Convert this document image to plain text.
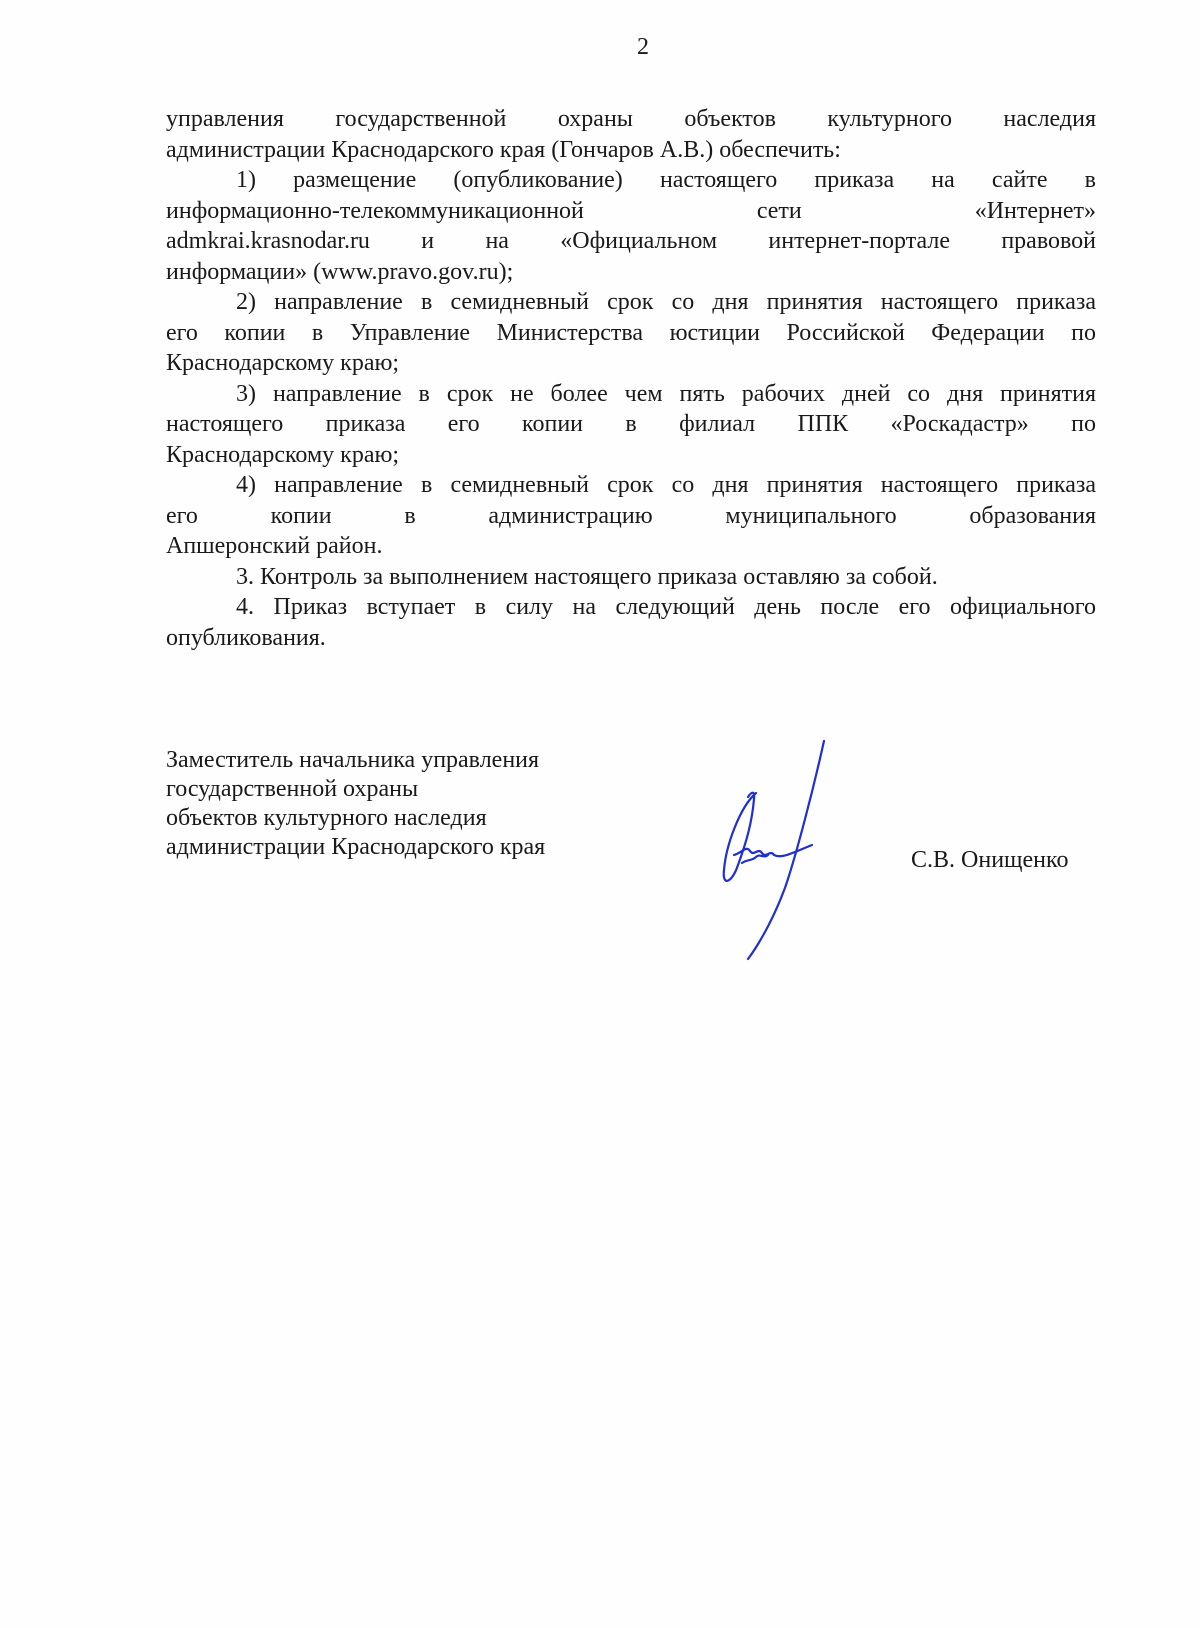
2
управления государственной охраны объектов культурного наследия
администрации Краснодарского края (Гончаров А.В.) обеспечить:
1) размещение (опубликование) настоящего приказа на сайте в
информационно-телекоммуникационной сети «Интернет»
admkrai.krasnodar.ru и на «Официальном интернет-портале правовой
информации» (www.pravo.gov.ru);
2) направление в семидневный срок со дня принятия настоящего приказа
его копии в Управление Министерства юстиции Российской Федерации по
Краснодарскому краю;
3) направление в срок не более чем пять рабочих дней со дня принятия
настоящего приказа его копии в филиал ППК «Роскадастр» по
Краснодарскому краю;
4) направление в семидневный срок со дня принятия настоящего приказа
его копии в администрацию муниципального образования
Апшеронский район.
3. Контроль за выполнением настоящего приказа оставляю за собой.
4. Приказ вступает в силу на следующий день после его официального
опубликования.
Заместитель начальника управления
государственной охраны
объектов культурного наследия
администрации Краснодарского края	С.В. Онищенко
